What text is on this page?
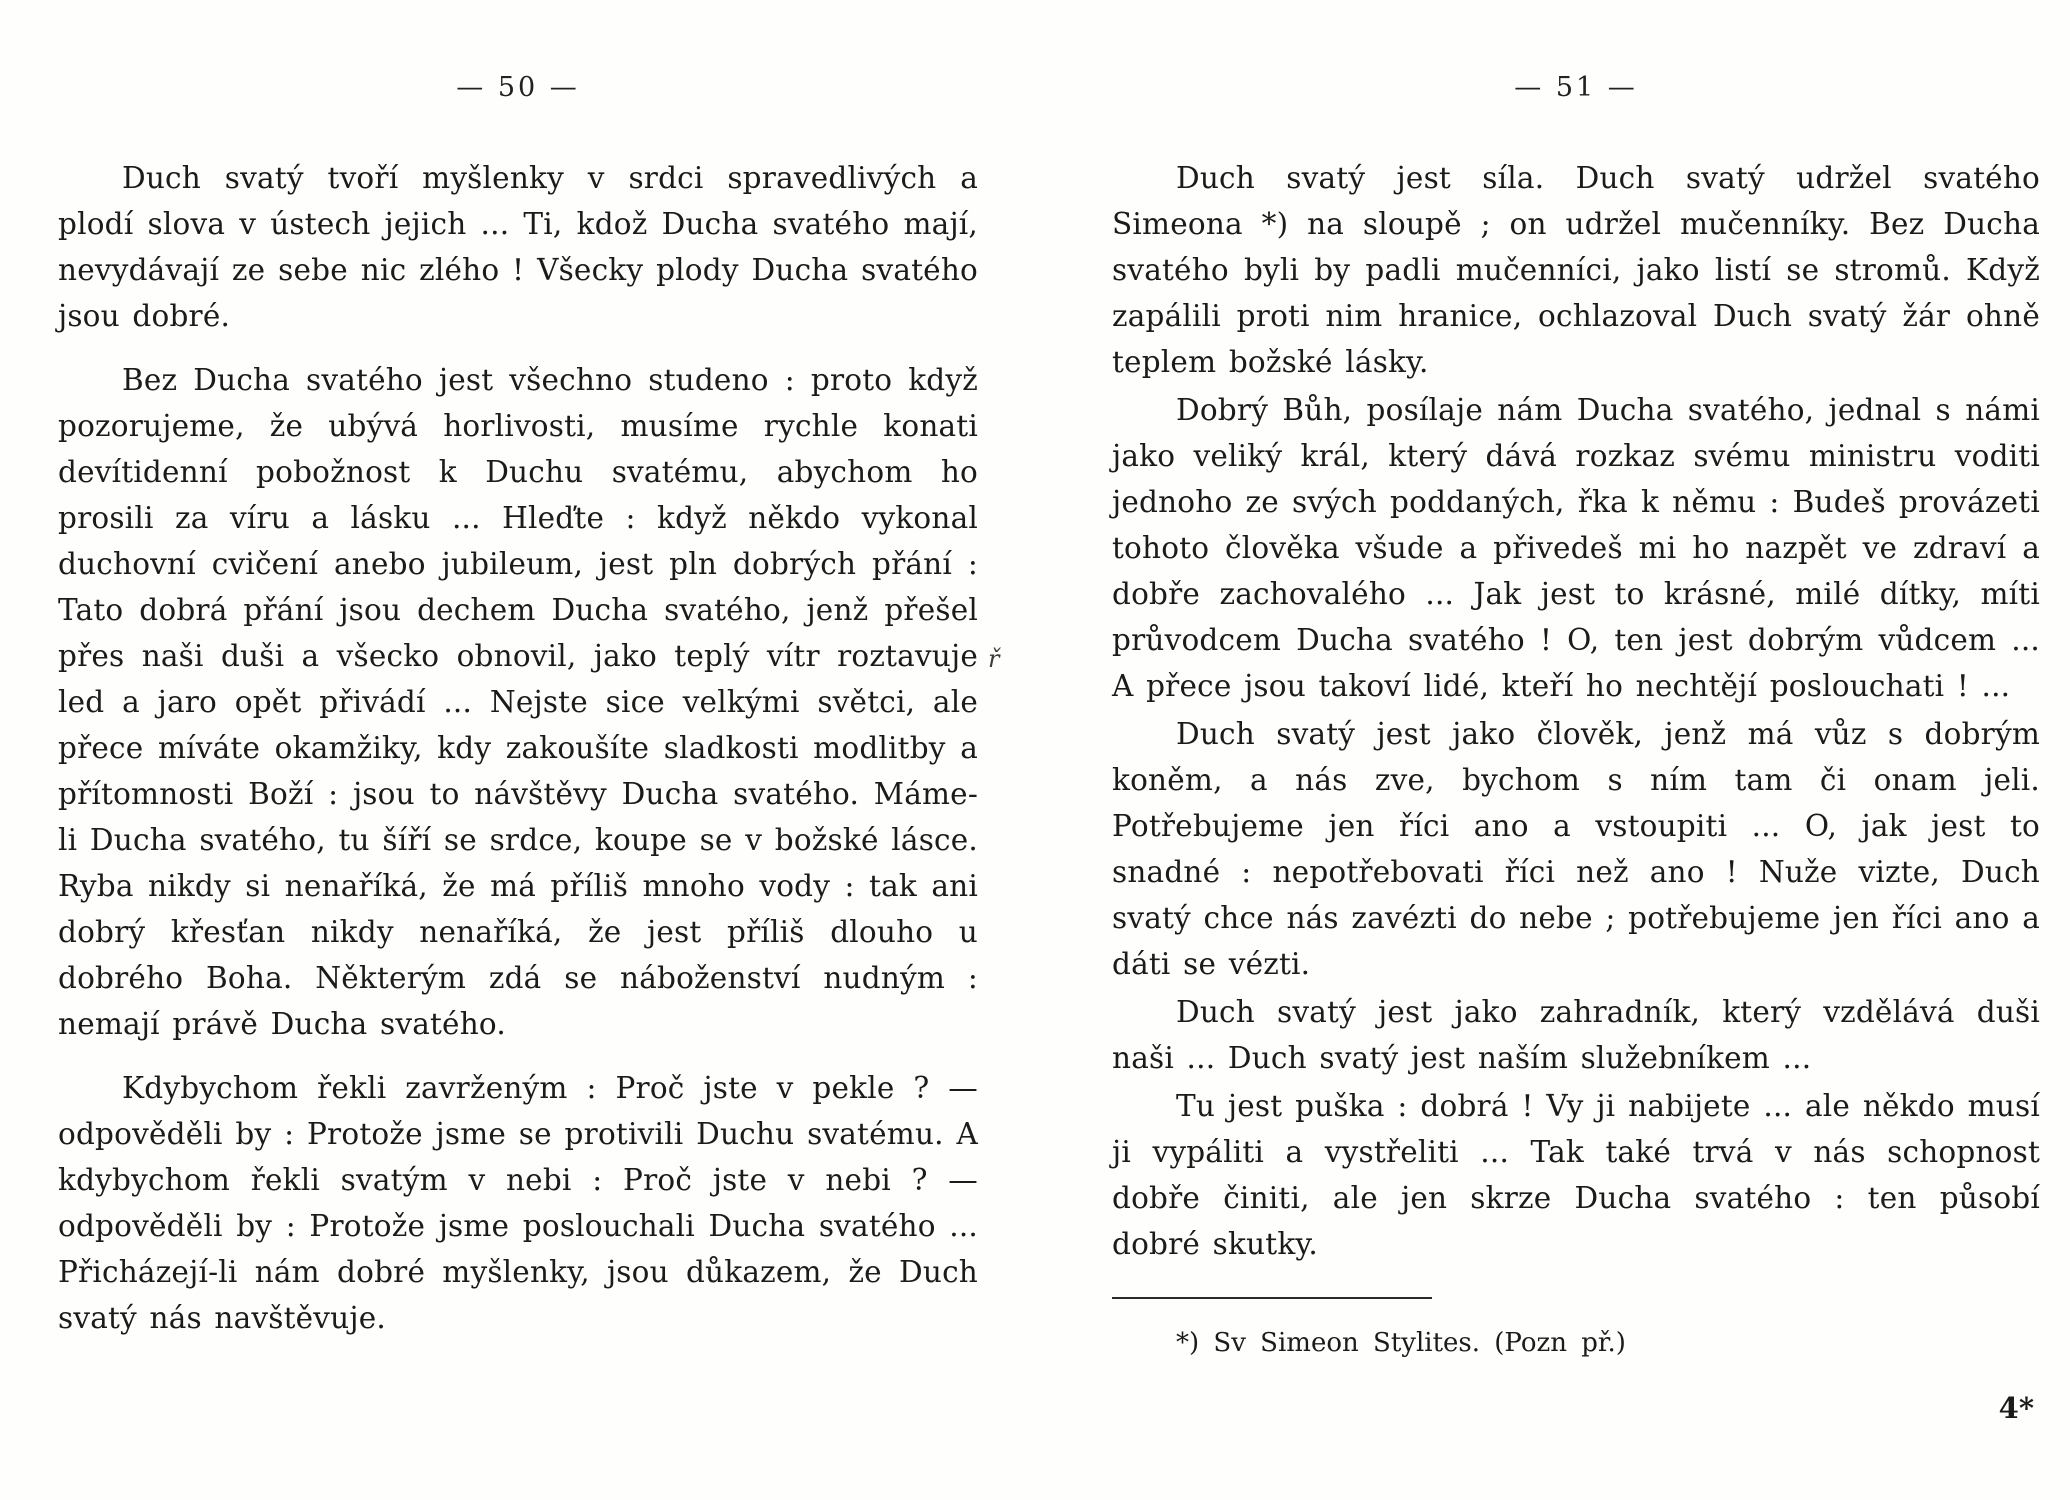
— 50 —

Duch svatý tvoří myšlenky v srdci spravedlivých a plodí slova v ústech jejich ... Ti, kdož Ducha svatého mají, nevydávají ze sebe nic zlého ! Všecky plody Ducha svatého jsou dobré.

Bez Ducha svatého jest všechno studeno : proto když pozorujeme, že ubývá horlivosti, musíme rychle konati devítidenní pobožnost k Duchu svatému, abychom ho prosili za víru a lásku ... Hleďte : když někdo vykonal duchovní cvičení anebo jubileum, jest pln dobrých přání : Tato dobrá přání jsou dechem Ducha svatého, jenž přešel přes naši duši a všecko obnovil, jako teplý vítr roztavuje led a jaro opět přivádí ... Nejste sice velkými světci, ale přece míváte okamžiky, kdy zakoušíte sladkosti modlitby a přítomnosti Boží : jsou to návštěvy Ducha svatého. Máme-li Ducha svatého, tu šíří se srdce, koupe se v božské lásce. Ryba nikdy si nenaříká, že má příliš mnoho vody : tak ani dobrý křesťan nikdy nenaříká, že jest příliš dlouho u dobrého Boha. Některým zdá se náboženství nudným : nemají právě Ducha svatého.

Kdybychom řekli zavrženým : Proč jste v pekle ? — odpověděli by : Protože jsme se protivili Duchu svatému. A kdybychom řekli svatým v nebi : Proč jste v nebi ? — odpověděli by : Protože jsme poslouchali Ducha svatého ... Přicházejí-li nám dobré myšlenky, jsou důkazem, že Duch svatý nás navštěvuje.

ř
— 51 —

Duch svatý jest síla. Duch svatý udržel svatého Simeona *) na sloupě ; on udržel mučenníky. Bez Ducha svatého byli by padli mučenníci, jako listí se stromů. Když zapálili proti nim hranice, ochlazoval Duch svatý žár ohně teplem božské lásky.

Dobrý Bůh, posílaje nám Ducha svatého, jednal s námi jako veliký král, který dává rozkaz svému ministru voditi jednoho ze svých poddaných, řka k němu : Budeš provázeti tohoto člověka všude a přivedeš mi ho nazpět ve zdraví a dobře zachovalého ... Jak jest to krásné, milé dítky, míti průvodcem Ducha svatého ! O, ten jest dobrým vůdcem ... A přece jsou takoví lidé, kteří ho nechtějí poslouchati ! ...

Duch svatý jest jako člověk, jenž má vůz s dobrým koněm, a nás zve, bychom s ním tam či onam jeli. Potřebujeme jen říci ano a vstoupiti ... O, jak jest to snadné : nepotřebovati říci než ano ! Nuže vizte, Duch svatý chce nás zavézti do nebe ; potřebujeme jen říci ano a dáti se vézti.

Duch svatý jest jako zahradník, který vzdělává duši naši ... Duch svatý jest naším služebníkem ...

Tu jest puška : dobrá ! Vy ji nabijete ... ale někdo musí ji vypáliti a vystřeliti ... Tak také trvá v nás schopnost dobře činiti, ale jen skrze Ducha svatého : ten působí dobré skutky.

*) Sv Simeon Stylites. (Pozn př.)

4*
